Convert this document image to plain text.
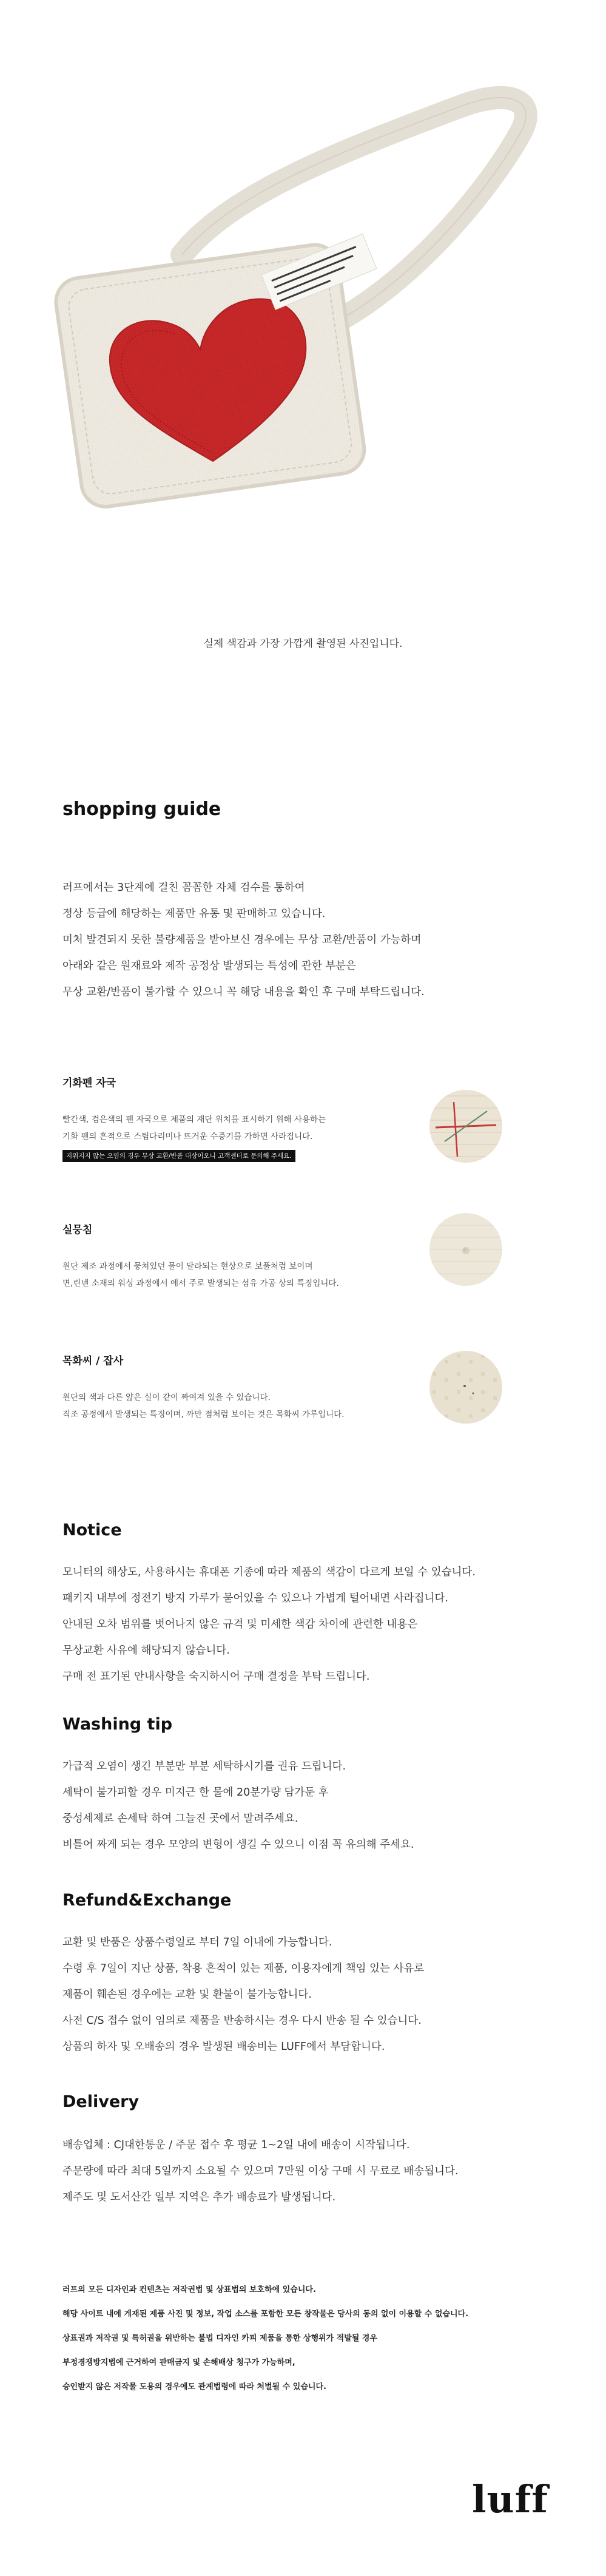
실제 색감과 가장 가깝게 촬영된 사진입니다.
shopping guide

러프에서는 3단계에 걸친 꼼꼼한 자체 검수를 통하여

정상 등급에 해당하는 제품만 유통 및 판매하고 있습니다.

미처 발견되지 못한 불량제품을 받아보신 경우에는 무상 교환/반품이 가능하며

아래와 같은 원재료와 제작 공정상 발생되는 특성에 관한 부분은

무상 교환/반품이 불가할 수 있으니 꼭 해당 내용을 확인 후 구매 부탁드립니다.

기화펜 자국
빨간색, 검은색의 펜 자국으로 제품의 재단 위치를 표시하기 위해 사용하는
기화 펜의 흔적으로 스팀다리미나 뜨거운 수증기를 가하면 사라집니다.
지워지지 않는 오염의 경우 무상 교환/반품 대상이오니 고객센터로 문의해 주세요.
실뭉침
원단 제조 과정에서 뭉쳐있던 물이 달라되는 현상으로 보풀처럼 보이며
면,린넨 소재의 워싱 과정에서 에서 주로 발생되는 섬유 가공 상의 특징입니다.
목화씨 / 잡사
원단의 색과 다른 얇은 실이 같이 짜여져 있을 수 있습니다.
직조 공정에서 발생되는 특징이며, 까만 점처럼 보이는 것은 목화씨 가루입니다.
Notice

모니터의 해상도, 사용하시는 휴대폰 기종에 따라 제품의 색감이 다르게 보일 수 있습니다.

패키지 내부에 정전기 방지 가루가 묻어있을 수 있으나 가볍게 털어내면 사라집니다.

안내된 오차 범위를 벗어나지 않은 규격 및 미세한 색감 차이에 관련한 내용은

무상교환 사유에 해당되지 않습니다.

구매 전 표기된 안내사항을 숙지하시어 구매 결정을 부탁 드립니다.

Washing tip

가급적 오염이 생긴 부분만 부분 세탁하시기를 권유 드립니다.

세탁이 불가피할 경우 미지근 한 물에 20분가량 담가둔 후

중성세제로 손세탁 하여 그늘진 곳에서 말려주세요.

비틀어 짜게 되는 경우 모양의 변형이 생길 수 있으니 이점 꼭 유의해 주세요.

Refund&Exchange

교환 및 반품은 상품수령일로 부터 7일 이내에 가능합니다.

수령 후 7일이 지난 상품, 착용 흔적이 있는 제품, 이용자에게 책임 있는 사유로

제품이 훼손된 경우에는 교환 및 환불이 불가능합니다.

사전 C/S 접수 없이 임의로 제품을 반송하시는 경우 다시 반송 될 수 있습니다.

상품의 하자 및 오배송의 경우 발생된 배송비는 LUFF에서 부담합니다.

Delivery

배송업체 : CJ대한통운 / 주문 접수 후 평균 1~2일 내에 배송이 시작됩니다.

주문량에 따라 최대 5일까지 소요될 수 있으며 7만원 이상 구매 시 무료로 배송됩니다.

제주도 및 도서산간 일부 지역은 추가 배송료가 발생됩니다.

러프의 모든 디자인과 컨텐츠는 저작권법 및 상표법의 보호하에 있습니다.

해당 사이트 내에 게재된 제품 사진 및 정보, 작업 소스를 포함한 모든 창작물은 당사의 동의 없이 이용할 수 없습니다.

상표권과 저작권 및 특허권을 위반하는 불법 디자인 카피 제품을 통한 상행위가 적발될 경우

부정경쟁방지법에 근거하여 판매금지 및 손해배상 청구가 가능하며,

승인받지 않은 저작물 도용의 경우에도 관계법령에 따라 처벌될 수 있습니다.

luff
